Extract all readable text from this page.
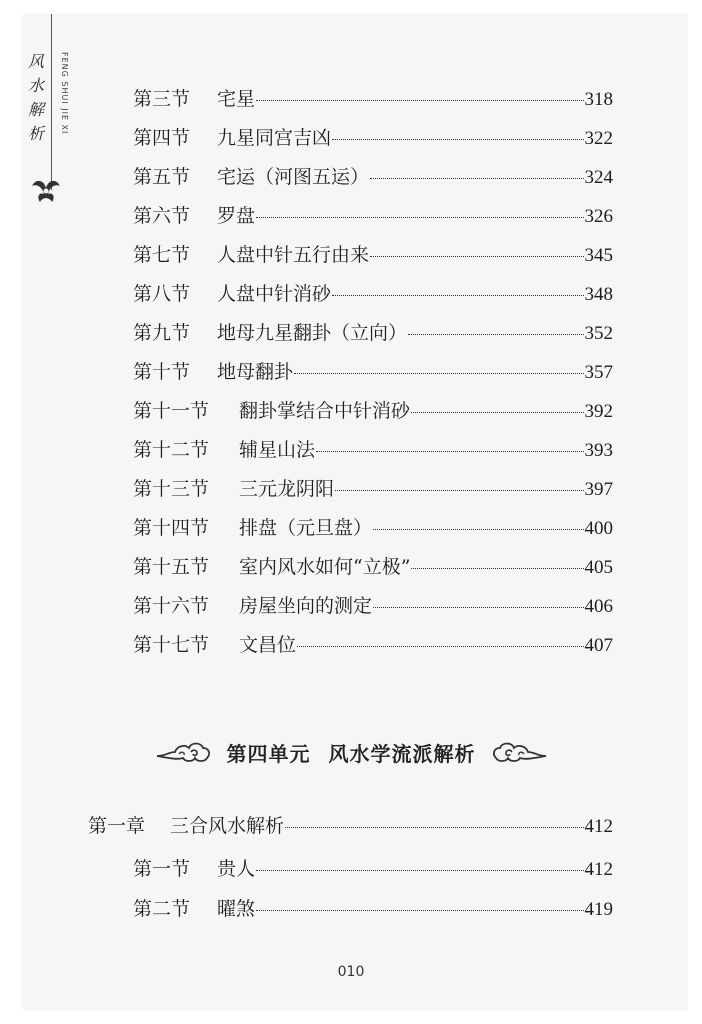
风
水
解
析 FENG SHUI JIE XI	第三节	宅星	318
第四节	九星同宫吉凶	322
第五节	宅运（河图五运）	324
第六节	罗盘	326
第七节	人盘中针五行由来	345
第八节	人盘中针消砂	348
第九节	地母九星翻卦（立向）	352
第十节	地母翻卦	357
第十一节	翻卦掌结合中针消砂	392
第十二节	辅星山法	393
第十三节	三元龙阴阳	397
第十四节	排盘（元旦盘）	400
第十五节	室内风水如何“立极”	405
第十六节	房屋坐向的测定	406
第十七节	文昌位	407
第一章	三合风水解析	412
第一节	贵人	412
第二节	曜煞	419
第四单元 风水学流派解析
010
